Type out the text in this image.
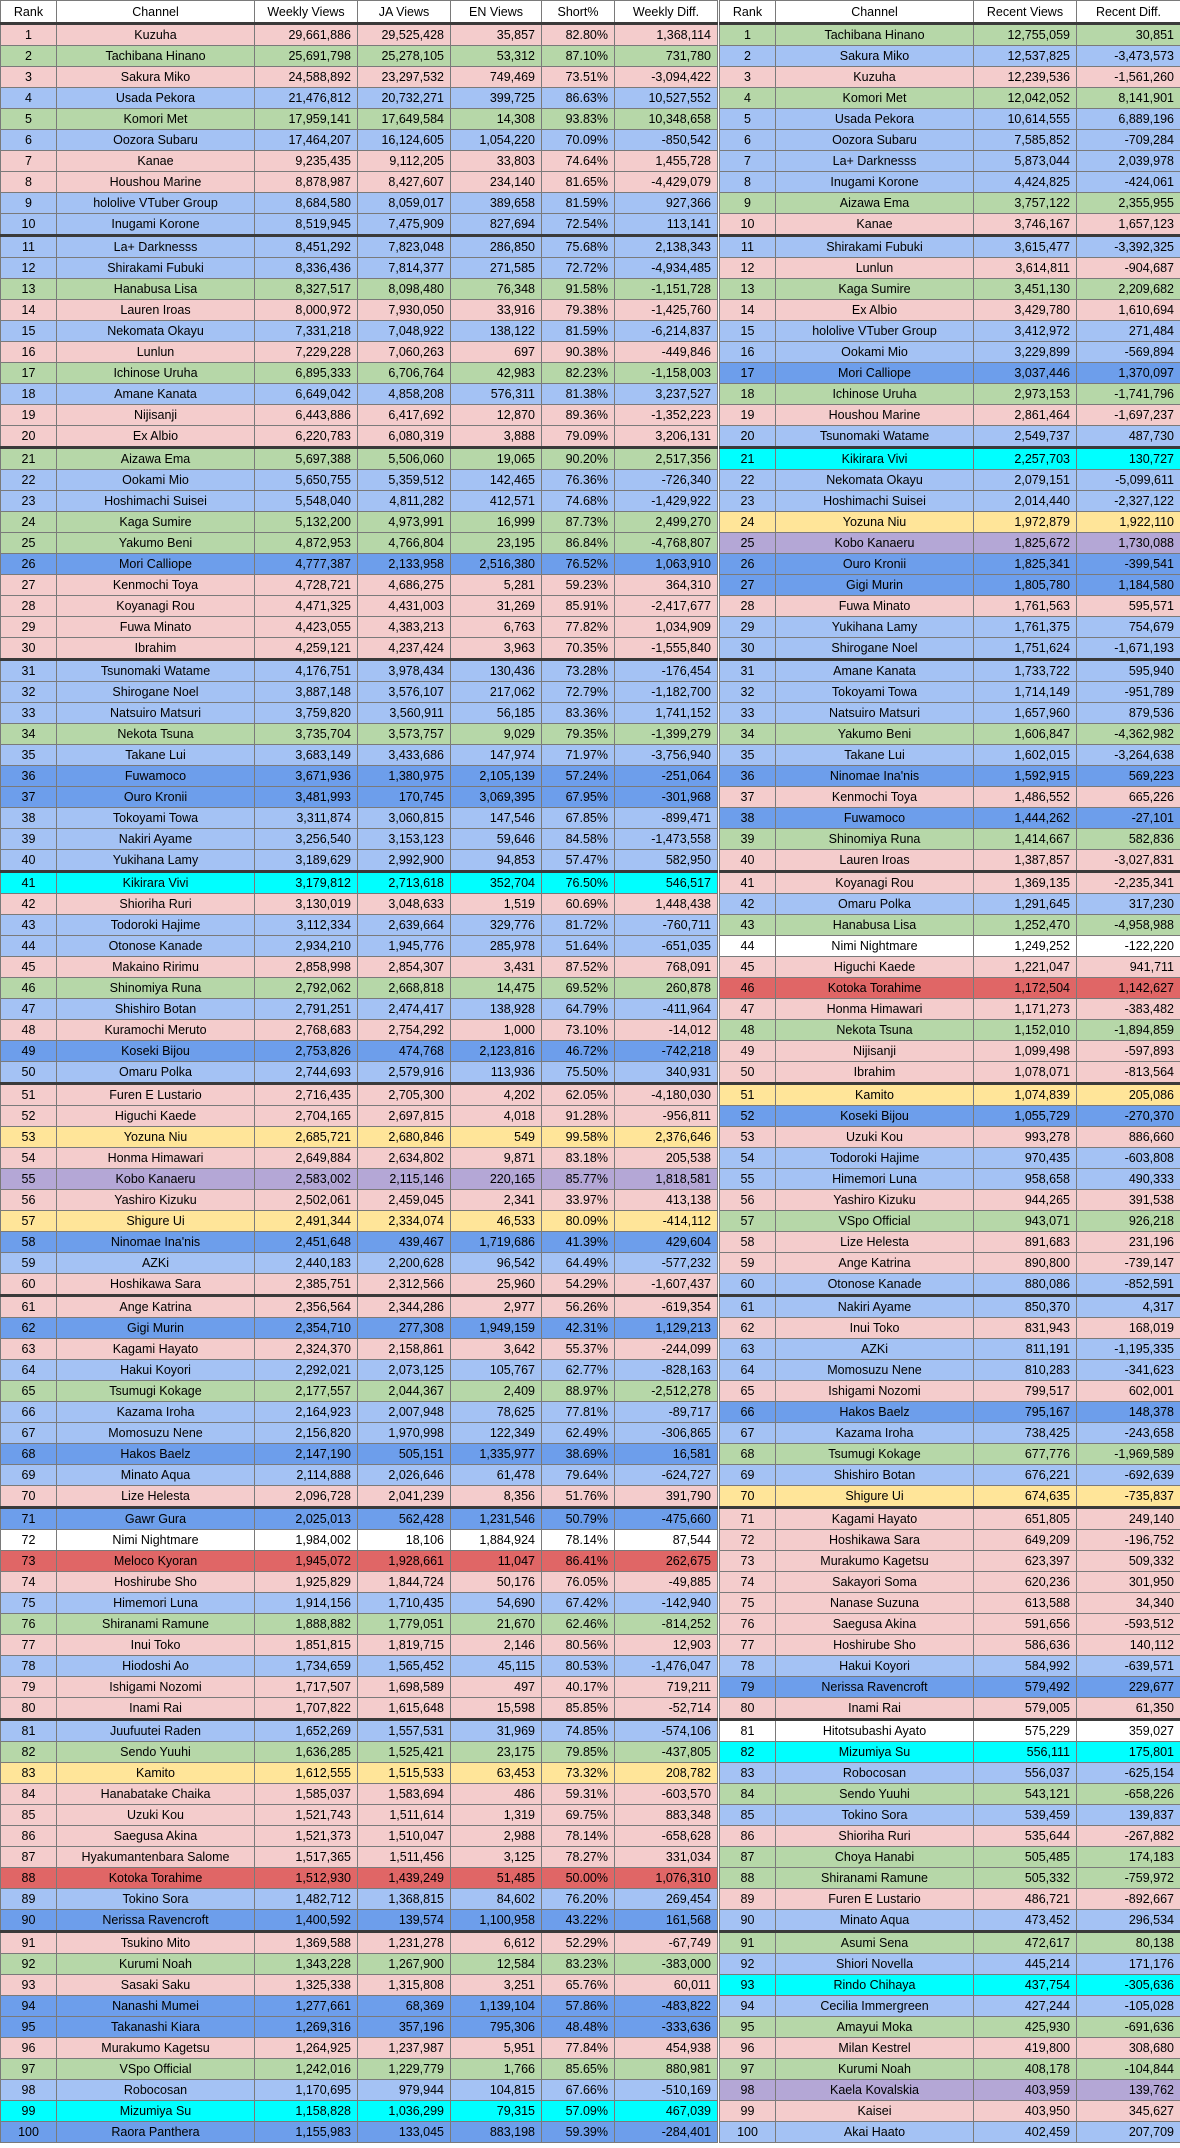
Rank	Channel	Weekly Views	JA Views	EN Views	Short%	Weekly Diff.
1	Kuzuha	29,661,886	29,525,428	35,857	82.80%	1,368,114
2	Tachibana Hinano	25,691,798	25,278,105	53,312	87.10%	731,780
3	Sakura Miko	24,588,892	23,297,532	749,469	73.51%	-3,094,422
4	Usada Pekora	21,476,812	20,732,271	399,725	86.63%	10,527,552
5	Komori Met	17,959,141	17,649,584	14,308	93.83%	10,348,658
6	Oozora Subaru	17,464,207	16,124,605	1,054,220	70.09%	-850,542
7	Kanae	9,235,435	9,112,205	33,803	74.64%	1,455,728
8	Houshou Marine	8,878,987	8,427,607	234,140	81.65%	-4,429,079
9	hololive VTuber Group	8,684,580	8,059,017	389,658	81.59%	927,366
10	Inugami Korone	8,519,945	7,475,909	827,694	72.54%	113,141
11	La+ Darknesss	8,451,292	7,823,048	286,850	75.68%	2,138,343
12	Shirakami Fubuki	8,336,436	7,814,377	271,585	72.72%	-4,934,485
13	Hanabusa Lisa	8,327,517	8,098,480	76,348	91.58%	-1,151,728
14	Lauren Iroas	8,000,972	7,930,050	33,916	79.38%	-1,425,760
15	Nekomata Okayu	7,331,218	7,048,922	138,122	81.59%	-6,214,837
16	Lunlun	7,229,228	7,060,263	697	90.38%	-449,846
17	Ichinose Uruha	6,895,333	6,706,764	42,983	82.23%	-1,158,003
18	Amane Kanata	6,649,042	4,858,208	576,311	81.38%	3,237,527
19	Nijisanji	6,443,886	6,417,692	12,870	89.36%	-1,352,223
20	Ex Albio	6,220,783	6,080,319	3,888	79.09%	3,206,131
21	Aizawa Ema	5,697,388	5,506,060	19,065	90.20%	2,517,356
22	Ookami Mio	5,650,755	5,359,512	142,465	76.36%	-726,340
23	Hoshimachi Suisei	5,548,040	4,811,282	412,571	74.68%	-1,429,922
24	Kaga Sumire	5,132,200	4,973,991	16,999	87.73%	2,499,270
25	Yakumo Beni	4,872,953	4,766,804	23,195	86.84%	-4,768,807
26	Mori Calliope	4,777,387	2,133,958	2,516,380	76.52%	1,063,910
27	Kenmochi Toya	4,728,721	4,686,275	5,281	59.23%	364,310
28	Koyanagi Rou	4,471,325	4,431,003	31,269	85.91%	-2,417,677
29	Fuwa Minato	4,423,055	4,383,213	6,763	77.82%	1,034,909
30	Ibrahim	4,259,121	4,237,424	3,963	70.35%	-1,555,840
31	Tsunomaki Watame	4,176,751	3,978,434	130,436	73.28%	-176,454
32	Shirogane Noel	3,887,148	3,576,107	217,062	72.79%	-1,182,700
33	Natsuiro Matsuri	3,759,820	3,560,911	56,185	83.36%	1,741,152
34	Nekota Tsuna	3,735,704	3,573,757	9,029	79.35%	-1,399,279
35	Takane Lui	3,683,149	3,433,686	147,974	71.97%	-3,756,940
36	Fuwamoco	3,671,936	1,380,975	2,105,139	57.24%	-251,064
37	Ouro Kronii	3,481,993	170,745	3,069,395	67.95%	-301,968
38	Tokoyami Towa	3,311,874	3,060,815	147,546	67.85%	-899,471
39	Nakiri Ayame	3,256,540	3,153,123	59,646	84.58%	-1,473,558
40	Yukihana Lamy	3,189,629	2,992,900	94,853	57.47%	582,950
41	Kikirara Vivi	3,179,812	2,713,618	352,704	76.50%	546,517
42	Shioriha Ruri	3,130,019	3,048,633	1,519	60.69%	1,448,438
43	Todoroki Hajime	3,112,334	2,639,664	329,776	81.72%	-760,711
44	Otonose Kanade	2,934,210	1,945,776	285,978	51.64%	-651,035
45	Makaino Ririmu	2,858,998	2,854,307	3,431	87.52%	768,091
46	Shinomiya Runa	2,792,062	2,668,818	14,475	69.52%	260,878
47	Shishiro Botan	2,791,251	2,474,417	138,928	64.79%	-411,964
48	Kuramochi Meruto	2,768,683	2,754,292	1,000	73.10%	-14,012
49	Koseki Bijou	2,753,826	474,768	2,123,816	46.72%	-742,218
50	Omaru Polka	2,744,693	2,579,916	113,936	75.50%	340,931
51	Furen E Lustario	2,716,435	2,705,300	4,202	62.05%	-4,180,030
52	Higuchi Kaede	2,704,165	2,697,815	4,018	91.28%	-956,811
53	Yozuna Niu	2,685,721	2,680,846	549	99.58%	2,376,646
54	Honma Himawari	2,649,884	2,634,802	9,871	83.18%	205,538
55	Kobo Kanaeru	2,583,002	2,115,146	220,165	85.77%	1,818,581
56	Yashiro Kizuku	2,502,061	2,459,045	2,341	33.97%	413,138
57	Shigure Ui	2,491,344	2,334,074	46,533	80.09%	-414,112
58	Ninomae Ina'nis	2,451,648	439,467	1,719,686	41.39%	429,604
59	AZKi	2,440,183	2,200,628	96,542	64.49%	-577,232
60	Hoshikawa Sara	2,385,751	2,312,566	25,960	54.29%	-1,607,437
61	Ange Katrina	2,356,564	2,344,286	2,977	56.26%	-619,354
62	Gigi Murin	2,354,710	277,308	1,949,159	42.31%	1,129,213
63	Kagami Hayato	2,324,370	2,158,861	3,642	55.37%	-244,099
64	Hakui Koyori	2,292,021	2,073,125	105,767	62.77%	-828,163
65	Tsumugi Kokage	2,177,557	2,044,367	2,409	88.97%	-2,512,278
66	Kazama Iroha	2,164,923	2,007,948	78,625	77.81%	-89,717
67	Momosuzu Nene	2,156,820	1,970,998	122,349	62.49%	-306,865
68	Hakos Baelz	2,147,190	505,151	1,335,977	38.69%	16,581
69	Minato Aqua	2,114,888	2,026,646	61,478	79.64%	-624,727
70	Lize Helesta	2,096,728	2,041,239	8,356	51.76%	391,790
71	Gawr Gura	2,025,013	562,428	1,231,546	50.79%	-475,660
72	Nimi Nightmare	1,984,002	18,106	1,884,924	78.14%	87,544
73	Meloco Kyoran	1,945,072	1,928,661	11,047	86.41%	262,675
74	Hoshirube Sho	1,925,829	1,844,724	50,176	76.05%	-49,885
75	Himemori Luna	1,914,156	1,710,435	54,690	67.42%	-142,940
76	Shiranami Ramune	1,888,882	1,779,051	21,670	62.46%	-814,252
77	Inui Toko	1,851,815	1,819,715	2,146	80.56%	12,903
78	Hiodoshi Ao	1,734,659	1,565,452	45,115	80.53%	-1,476,047
79	Ishigami Nozomi	1,717,507	1,698,589	497	40.17%	719,211
80	Inami Rai	1,707,822	1,615,648	15,598	85.85%	-52,714
81	Juufuutei Raden	1,652,269	1,557,531	31,969	74.85%	-574,106
82	Sendo Yuuhi	1,636,285	1,525,421	23,175	79.85%	-437,805
83	Kamito	1,612,555	1,515,533	63,453	73.32%	208,782
84	Hanabatake Chaika	1,585,037	1,583,694	486	59.31%	-603,570
85	Uzuki Kou	1,521,743	1,511,614	1,319	69.75%	883,348
86	Saegusa Akina	1,521,373	1,510,047	2,988	78.14%	-658,628
87	Hyakumantenbara Salome	1,517,365	1,511,456	3,125	78.27%	331,034
88	Kotoka Torahime	1,512,930	1,439,249	51,485	50.00%	1,076,310
89	Tokino Sora	1,482,712	1,368,815	84,602	76.20%	269,454
90	Nerissa Ravencroft	1,400,592	139,574	1,100,958	43.22%	161,568
91	Tsukino Mito	1,369,588	1,231,278	6,612	52.29%	-67,749
92	Kurumi Noah	1,343,228	1,267,900	12,584	83.23%	-383,000
93	Sasaki Saku	1,325,338	1,315,808	3,251	65.76%	60,011
94	Nanashi Mumei	1,277,661	68,369	1,139,104	57.86%	-483,822
95	Takanashi Kiara	1,269,316	357,196	795,306	48.48%	-333,636
96	Murakumo Kagetsu	1,264,925	1,237,987	5,951	77.84%	454,938
97	VSpo Official	1,242,016	1,229,779	1,766	85.65%	880,981
98	Robocosan	1,170,695	979,944	104,815	67.66%	-510,169
99	Mizumiya Su	1,158,828	1,036,299	79,315	57.09%	467,039
100	Raora Panthera	1,155,983	133,045	883,198	59.39%	-284,401
Rank	Channel	Recent Views	Recent Diff.
1	Tachibana Hinano	12,755,059	30,851
2	Sakura Miko	12,537,825	-3,473,573
3	Kuzuha	12,239,536	-1,561,260
4	Komori Met	12,042,052	8,141,901
5	Usada Pekora	10,614,555	6,889,196
6	Oozora Subaru	7,585,852	-709,284
7	La+ Darknesss	5,873,044	2,039,978
8	Inugami Korone	4,424,825	-424,061
9	Aizawa Ema	3,757,122	2,355,955
10	Kanae	3,746,167	1,657,123
11	Shirakami Fubuki	3,615,477	-3,392,325
12	Lunlun	3,614,811	-904,687
13	Kaga Sumire	3,451,130	2,209,682
14	Ex Albio	3,429,780	1,610,694
15	hololive VTuber Group	3,412,972	271,484
16	Ookami Mio	3,229,899	-569,894
17	Mori Calliope	3,037,446	1,370,097
18	Ichinose Uruha	2,973,153	-1,741,796
19	Houshou Marine	2,861,464	-1,697,237
20	Tsunomaki Watame	2,549,737	487,730
21	Kikirara Vivi	2,257,703	130,727
22	Nekomata Okayu	2,079,151	-5,099,611
23	Hoshimachi Suisei	2,014,440	-2,327,122
24	Yozuna Niu	1,972,879	1,922,110
25	Kobo Kanaeru	1,825,672	1,730,088
26	Ouro Kronii	1,825,341	-399,541
27	Gigi Murin	1,805,780	1,184,580
28	Fuwa Minato	1,761,563	595,571
29	Yukihana Lamy	1,761,375	754,679
30	Shirogane Noel	1,751,624	-1,671,193
31	Amane Kanata	1,733,722	595,940
32	Tokoyami Towa	1,714,149	-951,789
33	Natsuiro Matsuri	1,657,960	879,536
34	Yakumo Beni	1,606,847	-4,362,982
35	Takane Lui	1,602,015	-3,264,638
36	Ninomae Ina'nis	1,592,915	569,223
37	Kenmochi Toya	1,486,552	665,226
38	Fuwamoco	1,444,262	-27,101
39	Shinomiya Runa	1,414,667	582,836
40	Lauren Iroas	1,387,857	-3,027,831
41	Koyanagi Rou	1,369,135	-2,235,341
42	Omaru Polka	1,291,645	317,230
43	Hanabusa Lisa	1,252,470	-4,958,988
44	Nimi Nightmare	1,249,252	-122,220
45	Higuchi Kaede	1,221,047	941,711
46	Kotoka Torahime	1,172,504	1,142,627
47	Honma Himawari	1,171,273	-383,482
48	Nekota Tsuna	1,152,010	-1,894,859
49	Nijisanji	1,099,498	-597,893
50	Ibrahim	1,078,071	-813,564
51	Kamito	1,074,839	205,086
52	Koseki Bijou	1,055,729	-270,370
53	Uzuki Kou	993,278	886,660
54	Todoroki Hajime	970,435	-603,808
55	Himemori Luna	958,658	490,333
56	Yashiro Kizuku	944,265	391,538
57	VSpo Official	943,071	926,218
58	Lize Helesta	891,683	231,196
59	Ange Katrina	890,800	-739,147
60	Otonose Kanade	880,086	-852,591
61	Nakiri Ayame	850,370	4,317
62	Inui Toko	831,943	168,019
63	AZKi	811,191	-1,195,335
64	Momosuzu Nene	810,283	-341,623
65	Ishigami Nozomi	799,517	602,001
66	Hakos Baelz	795,167	148,378
67	Kazama Iroha	738,425	-243,658
68	Tsumugi Kokage	677,776	-1,969,589
69	Shishiro Botan	676,221	-692,639
70	Shigure Ui	674,635	-735,837
71	Kagami Hayato	651,805	249,140
72	Hoshikawa Sara	649,209	-196,752
73	Murakumo Kagetsu	623,397	509,332
74	Sakayori Soma	620,236	301,950
75	Nanase Suzuna	613,588	34,340
76	Saegusa Akina	591,656	-593,512
77	Hoshirube Sho	586,636	140,112
78	Hakui Koyori	584,992	-639,571
79	Nerissa Ravencroft	579,492	229,677
80	Inami Rai	579,005	61,350
81	Hitotsubashi Ayato	575,229	359,027
82	Mizumiya Su	556,111	175,801
83	Robocosan	556,037	-625,154
84	Sendo Yuuhi	543,121	-658,226
85	Tokino Sora	539,459	139,837
86	Shioriha Ruri	535,644	-267,882
87	Choya Hanabi	505,485	174,183
88	Shiranami Ramune	505,332	-759,972
89	Furen E Lustario	486,721	-892,667
90	Minato Aqua	473,452	296,534
91	Asumi Sena	472,617	80,138
92	Shiori Novella	445,214	171,176
93	Rindo Chihaya	437,754	-305,636
94	Cecilia Immergreen	427,244	-105,028
95	Amayui Moka	425,930	-691,636
96	Milan Kestrel	419,800	308,680
97	Kurumi Noah	408,178	-104,844
98	Kaela Kovalskia	403,959	139,762
99	Kaisei	403,950	345,627
100	Akai Haato	402,459	207,709
